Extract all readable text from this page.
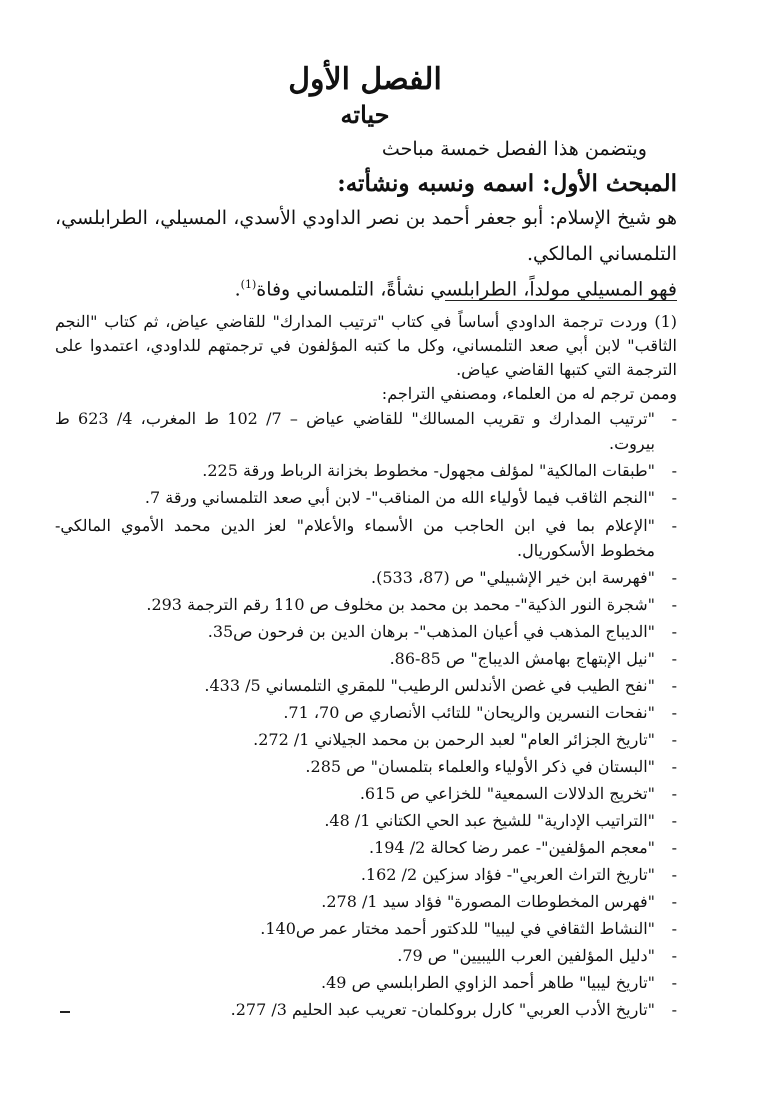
الفصل الأول
حياته
ويتضمن هذا الفصل خمسة مباحث
المبحث الأول: اسمه ونسبه ونشأته:
هو شيخ الإسلام: أبو جعفر أحمد بن نصر الداودي الأسدي، المسيلي، الطرابلسي، التلمساني المالكي.
فهو المسيلي مولداً، الطرابلسي نشأةً، التلمساني وفاة$^{(1)}$.

(1) وردت ترجمة الداودي أساساً في كتاب "ترتيب المدارك" للقاضي عياض، ثم كتاب "النجم الثاقب" لابن أبي صعد التلمساني، وكل ما كتبه المؤلفون في ترجمتهم للداودي، اعتمدوا على الترجمة التي كتبها القاضي عياض.

وممن ترجم له من العلماء، ومصنفي التراجم:

-
"ترتيب المدارك و تقريب المسالك" للقاضي عياض – 7/ 102 ط المغرب، 4/ 623 ط بيروت.
-
"طبقات المالكية" لمؤلف مجهول- مخطوط بخزانة الرباط ورقة 225.
-
"النجم الثاقب فيما لأولياء الله من المناقب"- لابن أبي صعد التلمساني ورقة 7.
-
"الإعلام بما في ابن الحاجب من الأسماء والأعلام" لعز الدين محمد الأموي المالكي- مخطوط الأسكوريال.
-
"فهرسة ابن خير الإشبيلي" ص (87، 533).
-
"شجرة النور الذكية"- محمد بن محمد بن مخلوف ص 110 رقم الترجمة 293.
-
"الديباج المذهب في أعيان المذهب"- برهان الدين بن فرحون ص35.
-
"نيل الإبتهاج بهامش الديباج" ص 85-86.
-
"نفح الطيب في غصن الأندلس الرطيب" للمقري التلمساني 5/ 433.
-
"نفحات النسرين والريحان" للتائب الأنصاري ص 70، 71.
-
"تاريخ الجزائر العام" لعبد الرحمن بن محمد الجيلاني 1/ 272.
-
"البستان في ذكر الأولياء والعلماء بتلمسان" ص 285.
-
"تخريج الدلالات السمعية" للخزاعي ص 615.
-
"التراتيب الإدارية" للشيخ عبد الحي الكتاني 1/ 48.
-
"معجم المؤلفين"- عمر رضا كحالة 2/ 194.
-
"تاريخ التراث العربي"- فؤاد سزكين 2/ 162.
-
"فهرس المخطوطات المصورة" فؤاد سيد 1/ 278.
-
"النشاط الثقافي في ليبيا" للدكتور أحمد مختار عمر ص140.
-
"دليل المؤلفين العرب الليبيين" ص 79.
-
"تاريخ ليبيا" طاهر أحمد الزاوي الطرابلسي ص 49.
-
"تاريخ الأدب العربي" كارل بروكلمان- تعريب عبد الحليم 3/ 277.
